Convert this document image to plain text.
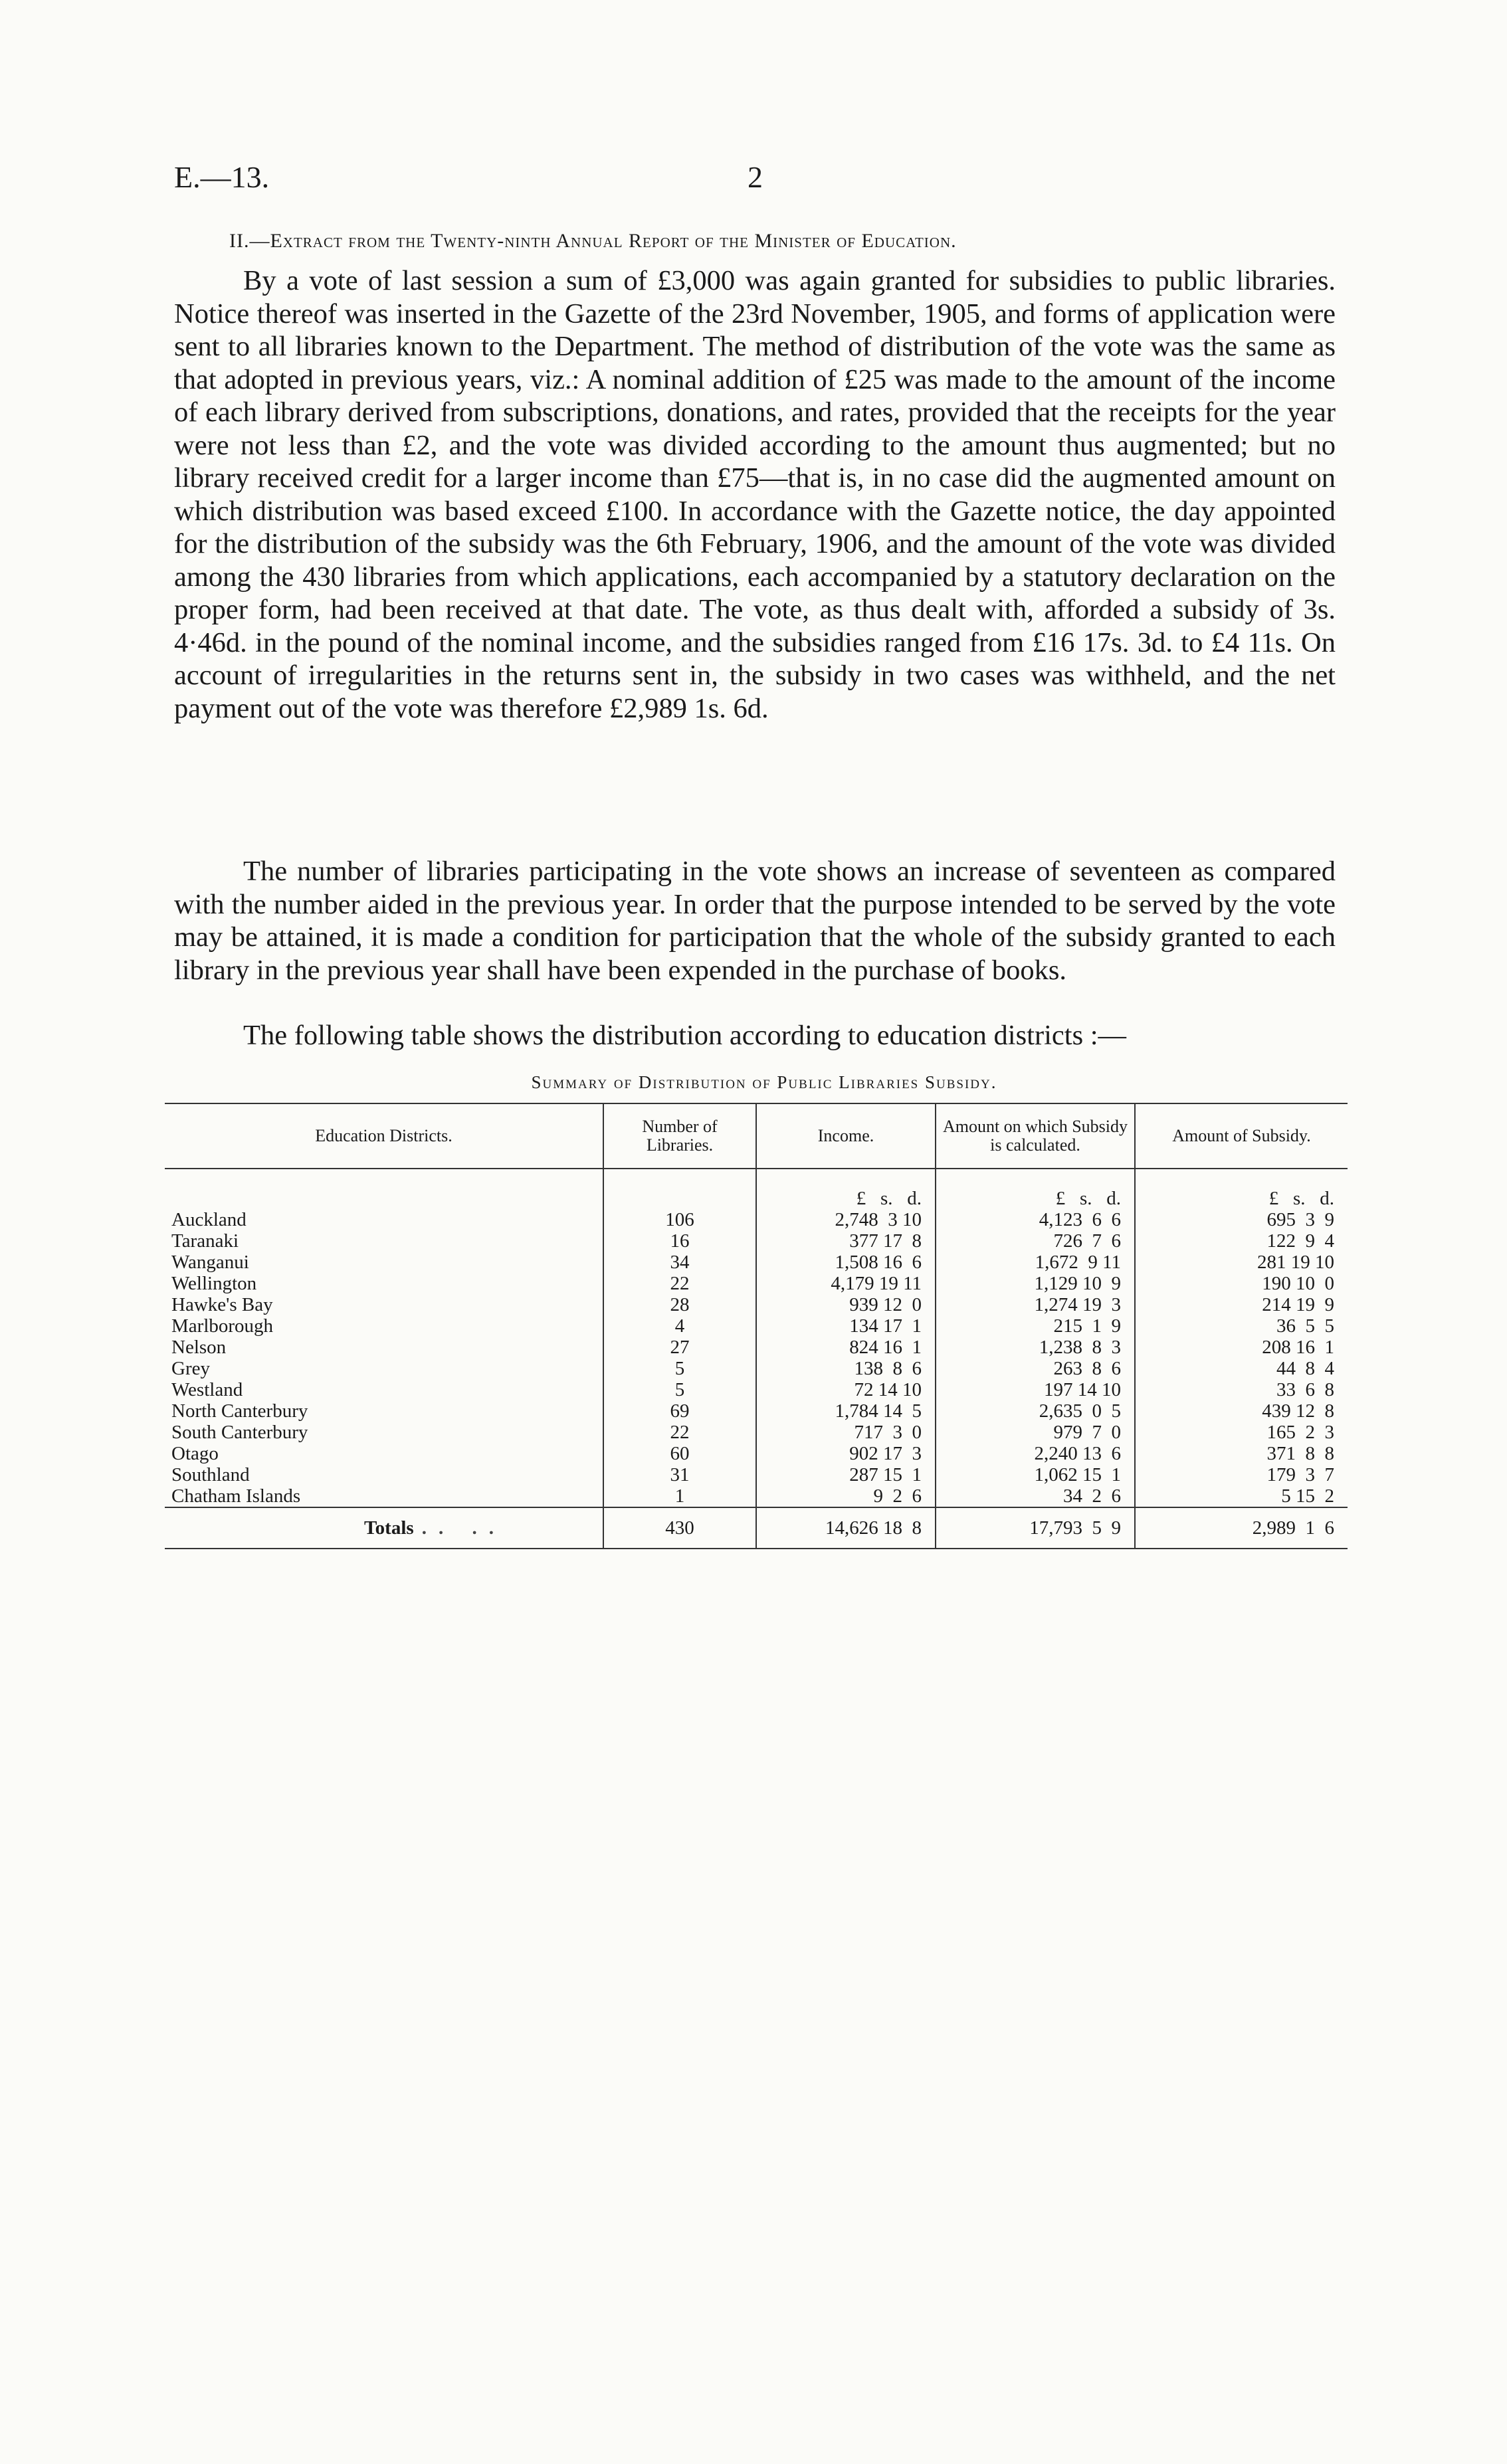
E.—13.	2
II.—Extract from the Twenty-ninth Annual Report of the Minister of Education.

By a vote of last session a sum of £3,000 was again granted for subsidies to public libraries. Notice thereof was inserted in the Gazette of the 23rd November, 1905, and forms of application were sent to all libraries known to the Department. The method of distribution of the vote was the same as that adopted in previous years, viz.: A nominal addition of £25 was made to the amount of the income of each library derived from subscriptions, donations, and rates, provided that the receipts for the year were not less than £2, and the vote was divided according to the amount thus augmented; but no library received credit for a larger income than £75—that is, in no case did the augmented amount on which distribution was based exceed £100. In accordance with the Gazette notice, the day appointed for the distribution of the subsidy was the 6th February, 1906, and the amount of the vote was divided among the 430 libraries from which applications, each accompanied by a statutory declaration on the proper form, had been received at that date. The vote, as thus dealt with, afforded a subsidy of 3s. 4·46d. in the pound of the nominal income, and the subsidies ranged from £16 17s. 3d. to £4 11s. On account of irregularities in the returns sent in, the subsidy in two cases was withheld, and the net payment out of the vote was therefore £2,989 1s. 6d.

The number of libraries participating in the vote shows an increase of seventeen as compared with the number aided in the previous year. In order that the purpose intended to be served by the vote may be attained, it is made a condition for participation that the whole of the subsidy granted to each library in the previous year shall have been expended in the purchase of books.

The following table shows the distribution according to education districts :—

Summary of Distribution of Public Libraries Subsidy.
Education Districts.	Number of Libraries.	Income.	Amount on which Subsidy is calculated.	Amount of Subsidy.
		£   s.   d.	£   s.   d.	£   s.   d.
Auckland	106	2,748  3 10	4,123  6  6	695  3  9
Taranaki	16	377 17  8	726  7  6	122  9  4
Wanganui	34	1,508 16  6	1,672  9 11	281 19 10
Wellington	22	4,179 19 11	1,129 10  9	190 10  0
Hawke's Bay	28	939 12  0	1,274 19  3	214 19  9
Marlborough	4	134 17  1	215  1  9	36  5  5
Nelson	27	824 16  1	1,238  8  3	208 16  1
Grey	5	138  8  6	263  8  6	44  8  4
Westland	5	72 14 10	197 14 10	33  6  8
North Canterbury	69	1,784 14  5	2,635  0  5	439 12  8
South Canterbury	22	717  3  0	979  7  0	165  2  3
Otago	60	902 17  3	2,240 13  6	371  8  8
Southland	31	287 15  1	1,062 15  1	179  3  7
Chatham Islands	1	9  2  6	34  2  6	5 15  2
Totals .. ..	430	14,626 18  8	17,793  5  9	2,989  1  6
